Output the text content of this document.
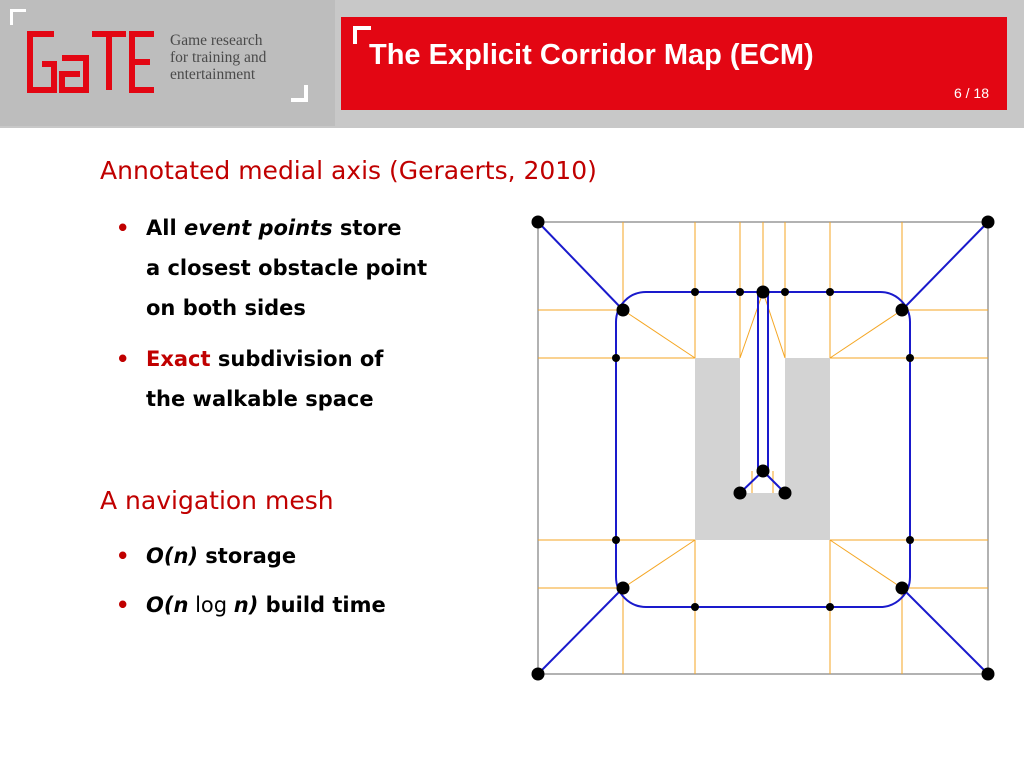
Game research
for training and
entertainment
The Explicit Corridor Map (ECM)
6 / 18
Annotated medial axis (Geraerts, 2010)
• All event points store
a closest obstacle point
on both sides
• Exact subdivision of
the walkable space
A navigation mesh
• O(n) storage
• O(n log n) build time
